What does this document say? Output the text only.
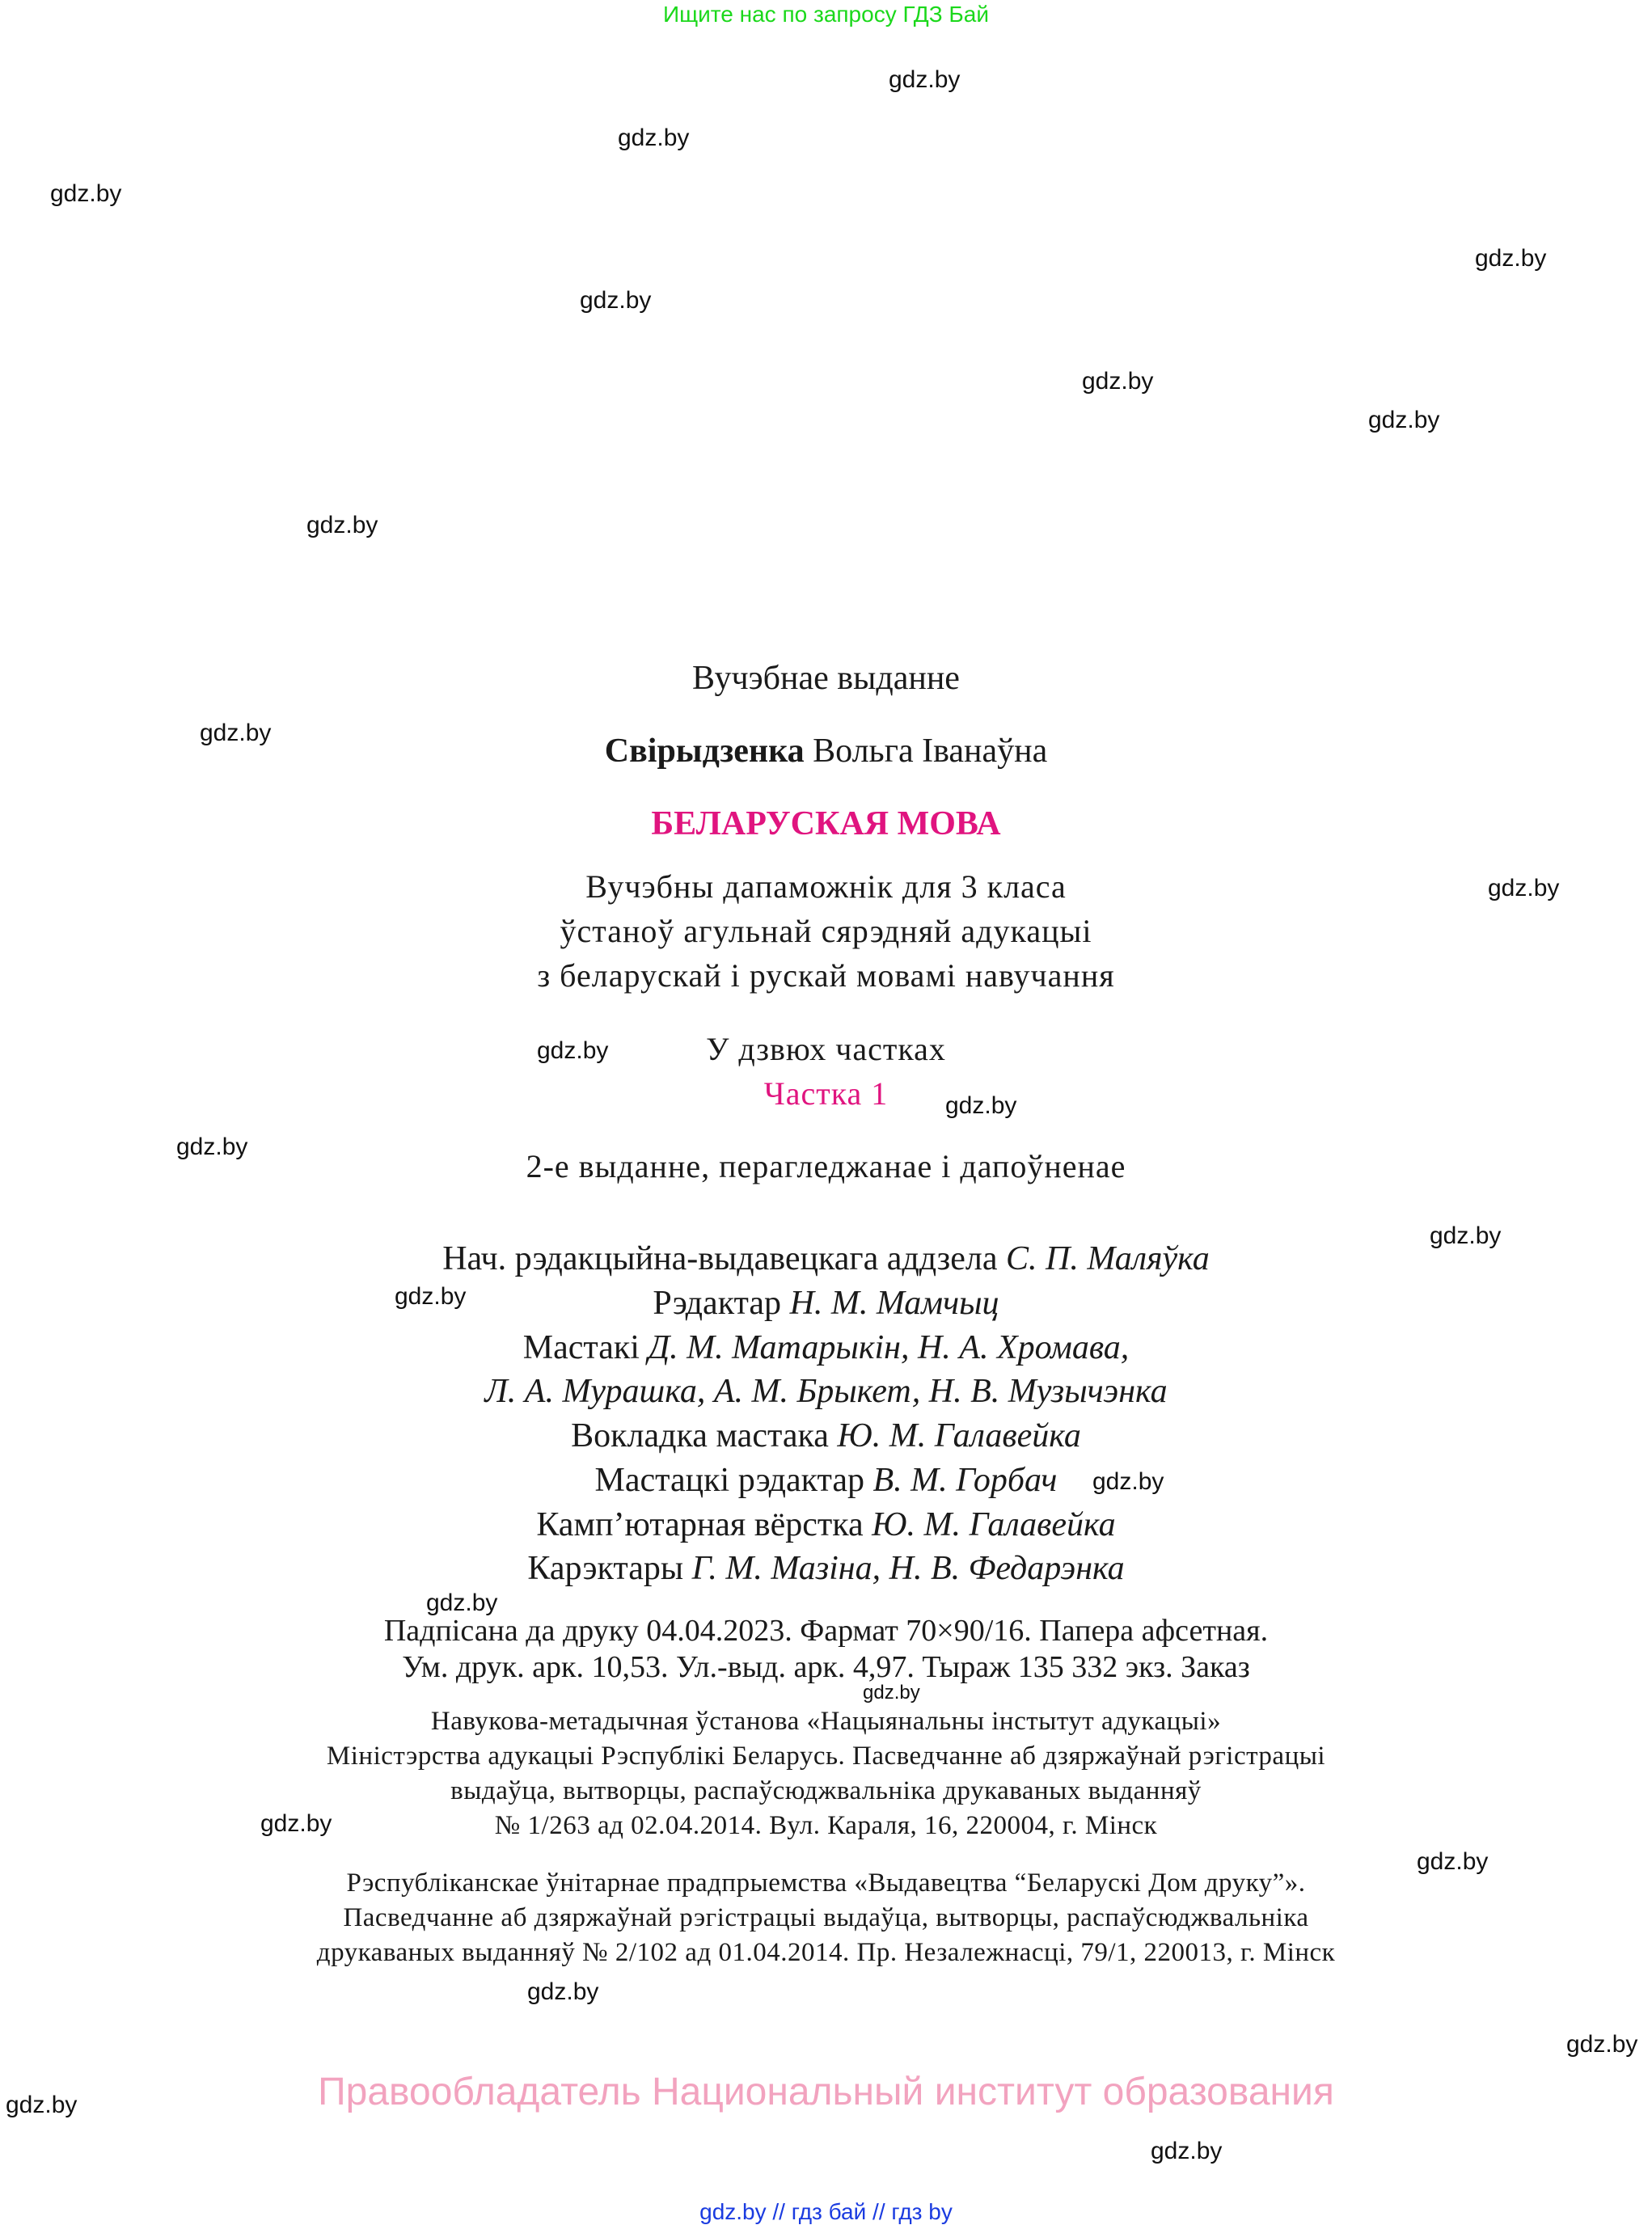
Ищите нас по запросу ГДЗ Бай
gdz.by
gdz.by
gdz.by
gdz.by
gdz.by
gdz.by
gdz.by
gdz.by
gdz.by
gdz.by
gdz.by
gdz.by
gdz.by
gdz.by
gdz.by
gdz.by
gdz.by
gdz.by
gdz.by
gdz.by
gdz.by
gdz.by
gdz.by
gdz.by
Вучэбнае выданне
Свірыдзенка Вольга Іванаўна
БЕЛАРУСКАЯ МОВА
Вучэбны дапаможнік для 3 класа
ўстаноў агульнай сярэдняй адукацыі
з беларускай і рускай мовамі навучання
У дзвюх частках
Частка 1
2-е выданне, перагледжанае і дапоўненае
Нач. рэдакцыйна-выдавецкага аддзела С. П. Маляўка
Рэдактар Н. М. Мамчыц
Мастакі Д. М. Матарыкін, Н. А. Хромава,
Л. А. Мурашка, А. М. Брыкет, Н. В. Музычэнка
Вокладка мастака Ю. М. Галавейка
Мастацкі рэдактар В. М. Горбач
Камп’ютарная вёрстка Ю. М. Галавейка
Карэктары Г. М. Мазіна, Н. В. Федарэнка
Падпісана да друку 04.04.2023. Фармат 70×90/16. Папера афсетная.
Ум. друк. арк. 10,53. Ул.-выд. арк. 4,97. Тыраж 135 332 экз. Заказ
Навукова-метадычная ўстанова «Нацыянальны інстытут адукацыі»
Міністэрства адукацыі Рэспублікі Беларусь. Пасведчанне аб дзяржаўнай рэгістрацыі
выдаўца, вытворцы, распаўсюджвальніка друкаваных выданняў
№ 1/263 ад 02.04.2014. Вул. Караля, 16, 220004, г. Мінск
Рэспубліканскае ўнітарнае прадпрыемства «Выдавецтва “Беларускі Дом друку”».
Пасведчанне аб дзяржаўнай рэгістрацыі выдаўца, вытворцы, распаўсюджвальніка
друкаваных выданняў № 2/102 ад 01.04.2014. Пр. Незалежнасці, 79/1, 220013, г. Мінск
Правообладатель Национальный институт образования
gdz.by // гдз бай // гдз by
